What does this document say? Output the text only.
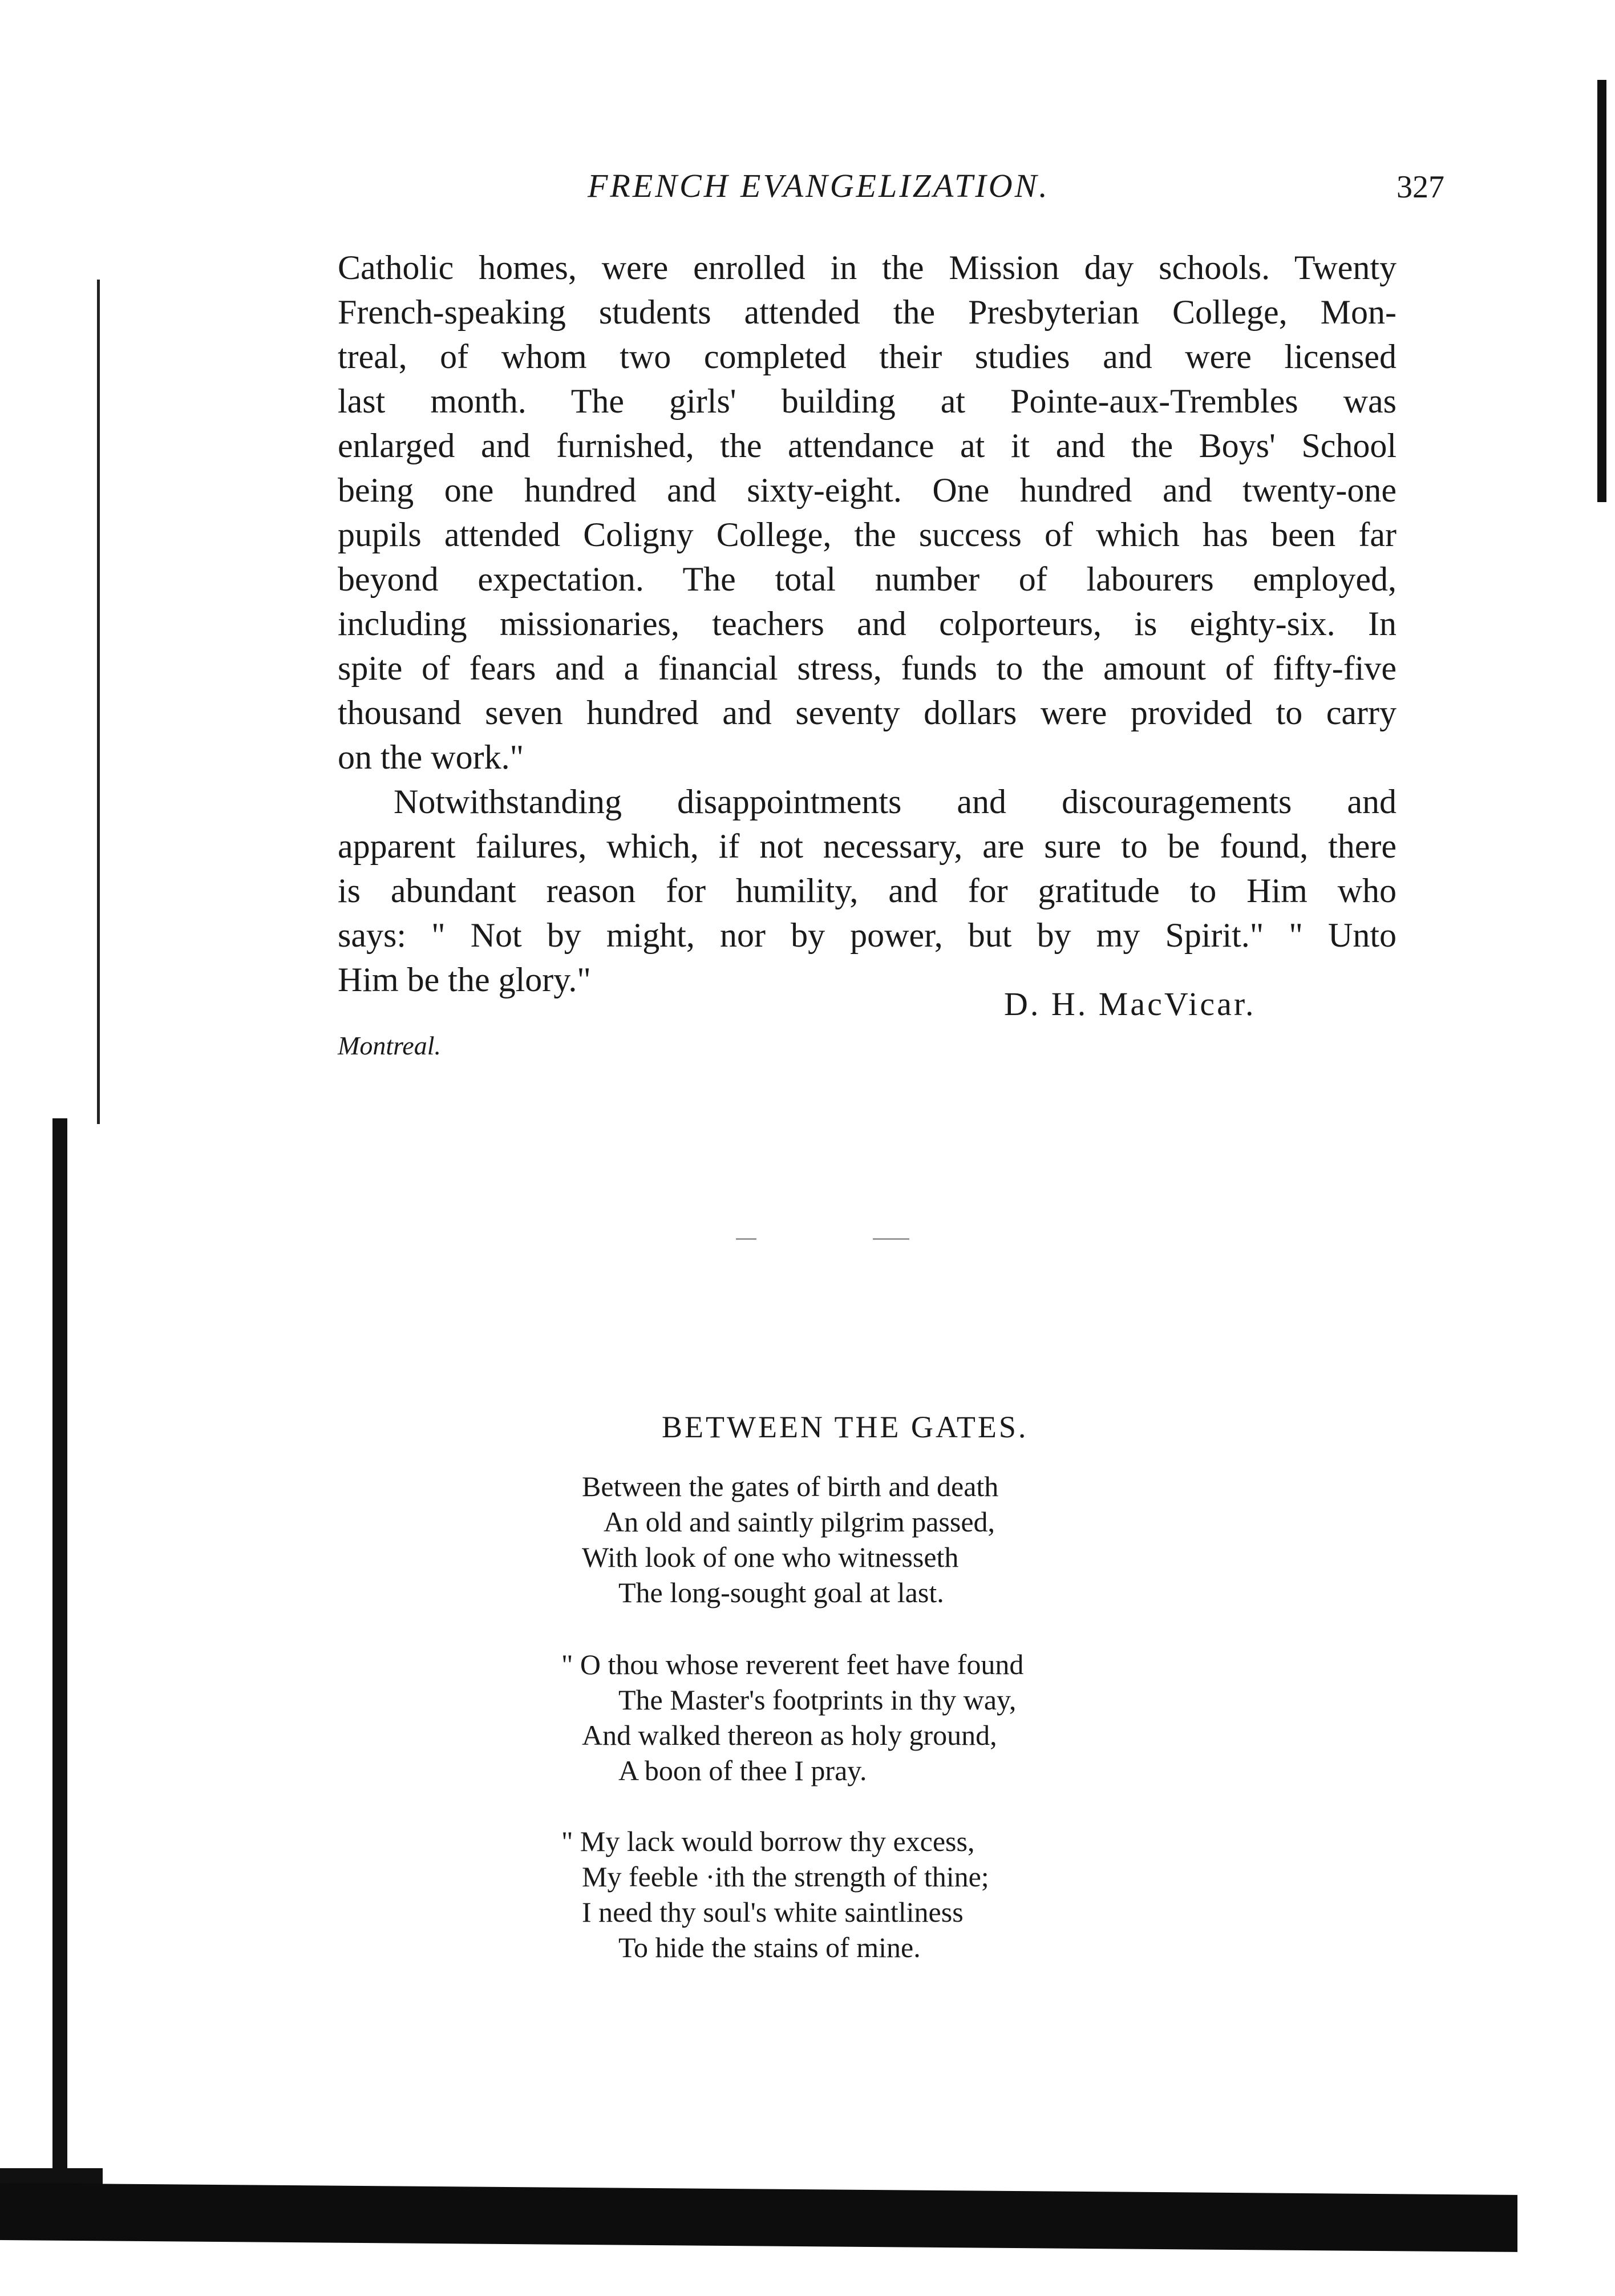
FRENCH EVANGELIZATION.	327
Catholic homes, were enrolled in the Mission day schools. Twenty
French-speaking students attended the Presbyterian College, Mon-
treal, of whom two completed their studies and were licensed
last month. The girls' building at Pointe-aux-Trembles was
enlarged and furnished, the attendance at it and the Boys' School
being one hundred and sixty-eight. One hundred and twenty-one
pupils attended Coligny College, the success of which has been far
beyond expectation. The total number of labourers employed,
including missionaries, teachers and colporteurs, is eighty-six. In
spite of fears and a financial stress, funds to the amount of fifty-five
thousand seven hundred and seventy dollars were provided to carry
on the work."
Notwithstanding disappointments and discouragements and
apparent failures, which, if not necessary, are sure to be found, there
is abundant reason for humility, and for gratitude to Him who
says: " Not by might, nor by power, but by my Spirit." " Unto
Him be the glory."
D. H. MacVicar.
Montreal.
BETWEEN THE GATES.
Between the gates of birth and death
An old and saintly pilgrim passed,
With look of one who witnesseth
The long-sought goal at last.
" O thou whose reverent feet have found
The Master's footprints in thy way,
And walked thereon as holy ground,
A boon of thee I pray.
" My lack would borrow thy excess,
My feeble ·ith the strength of thine;
I need thy soul's white saintliness
To hide the stains of mine.
